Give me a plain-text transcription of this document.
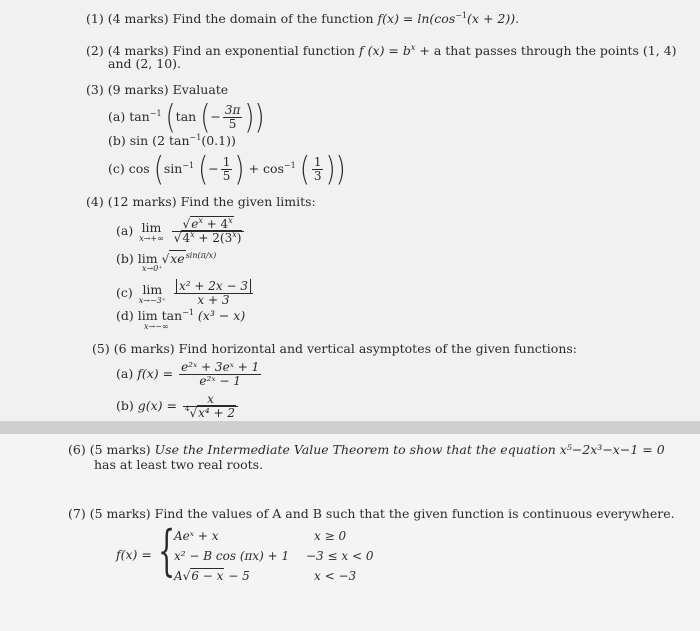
(1) (4 marks) Find the domain of the function $f(x) = \ln(\cos^{-1}(x + 2))$.
(2) (4 marks) Find an exponential function f $(x) = b^x + a$ that passes through the points (1, 4)
and (2, 10).
(3) (9 marks) Evaluate
(a) $\tan^{-1} (\tan$ (− $\frac{3\pi}{5}$ ))
(b) sin (2 $\tan^{-1}(0.1)$)
(c) $\cos (\sin^{-1}$ (− $\frac{1}{5}$ ) + $\cos^{-1}$ ( $\frac{1}{3}$ ))
(4) (12 marks) Find the given limits:
(a) lim
x→+∞
$\frac{√e^x + 4^x}{√4^x + 2(3^x)}$
(b) $\lim √xe^{sin(\pi/x)}$
x→0⁺
(c) lim
x→−3⁺
$\frac{\text{x² + 2x − 3}}{x + 3}$
(d) $\lim \tan^{-1} (x^3 - x)$
x→−∞
(5) (6 marks) Find horizontal and vertical asymptotes of the given functions:
(a) $f(x) = \frac{\text{e²ˣ + 3eˣ + 1}}{\text{e²ˣ − 1}}$
(b) $g(x) = \frac{x}{^4√x^4 + 2}$
(6) (5 marks) Use the Intermediate Value Theorem to show that the equation x⁵−2x³−x−1 = 0
has at least two real roots.
(7) (5 marks) Find the values of A and B such that the given function is continuous everywhere.
f(x) = {
Aeˣ + x	x ≥ 0
x² − B cos (πx) + 1 −3 ≤ x < 0
A√6 − x − 5	x < −3
